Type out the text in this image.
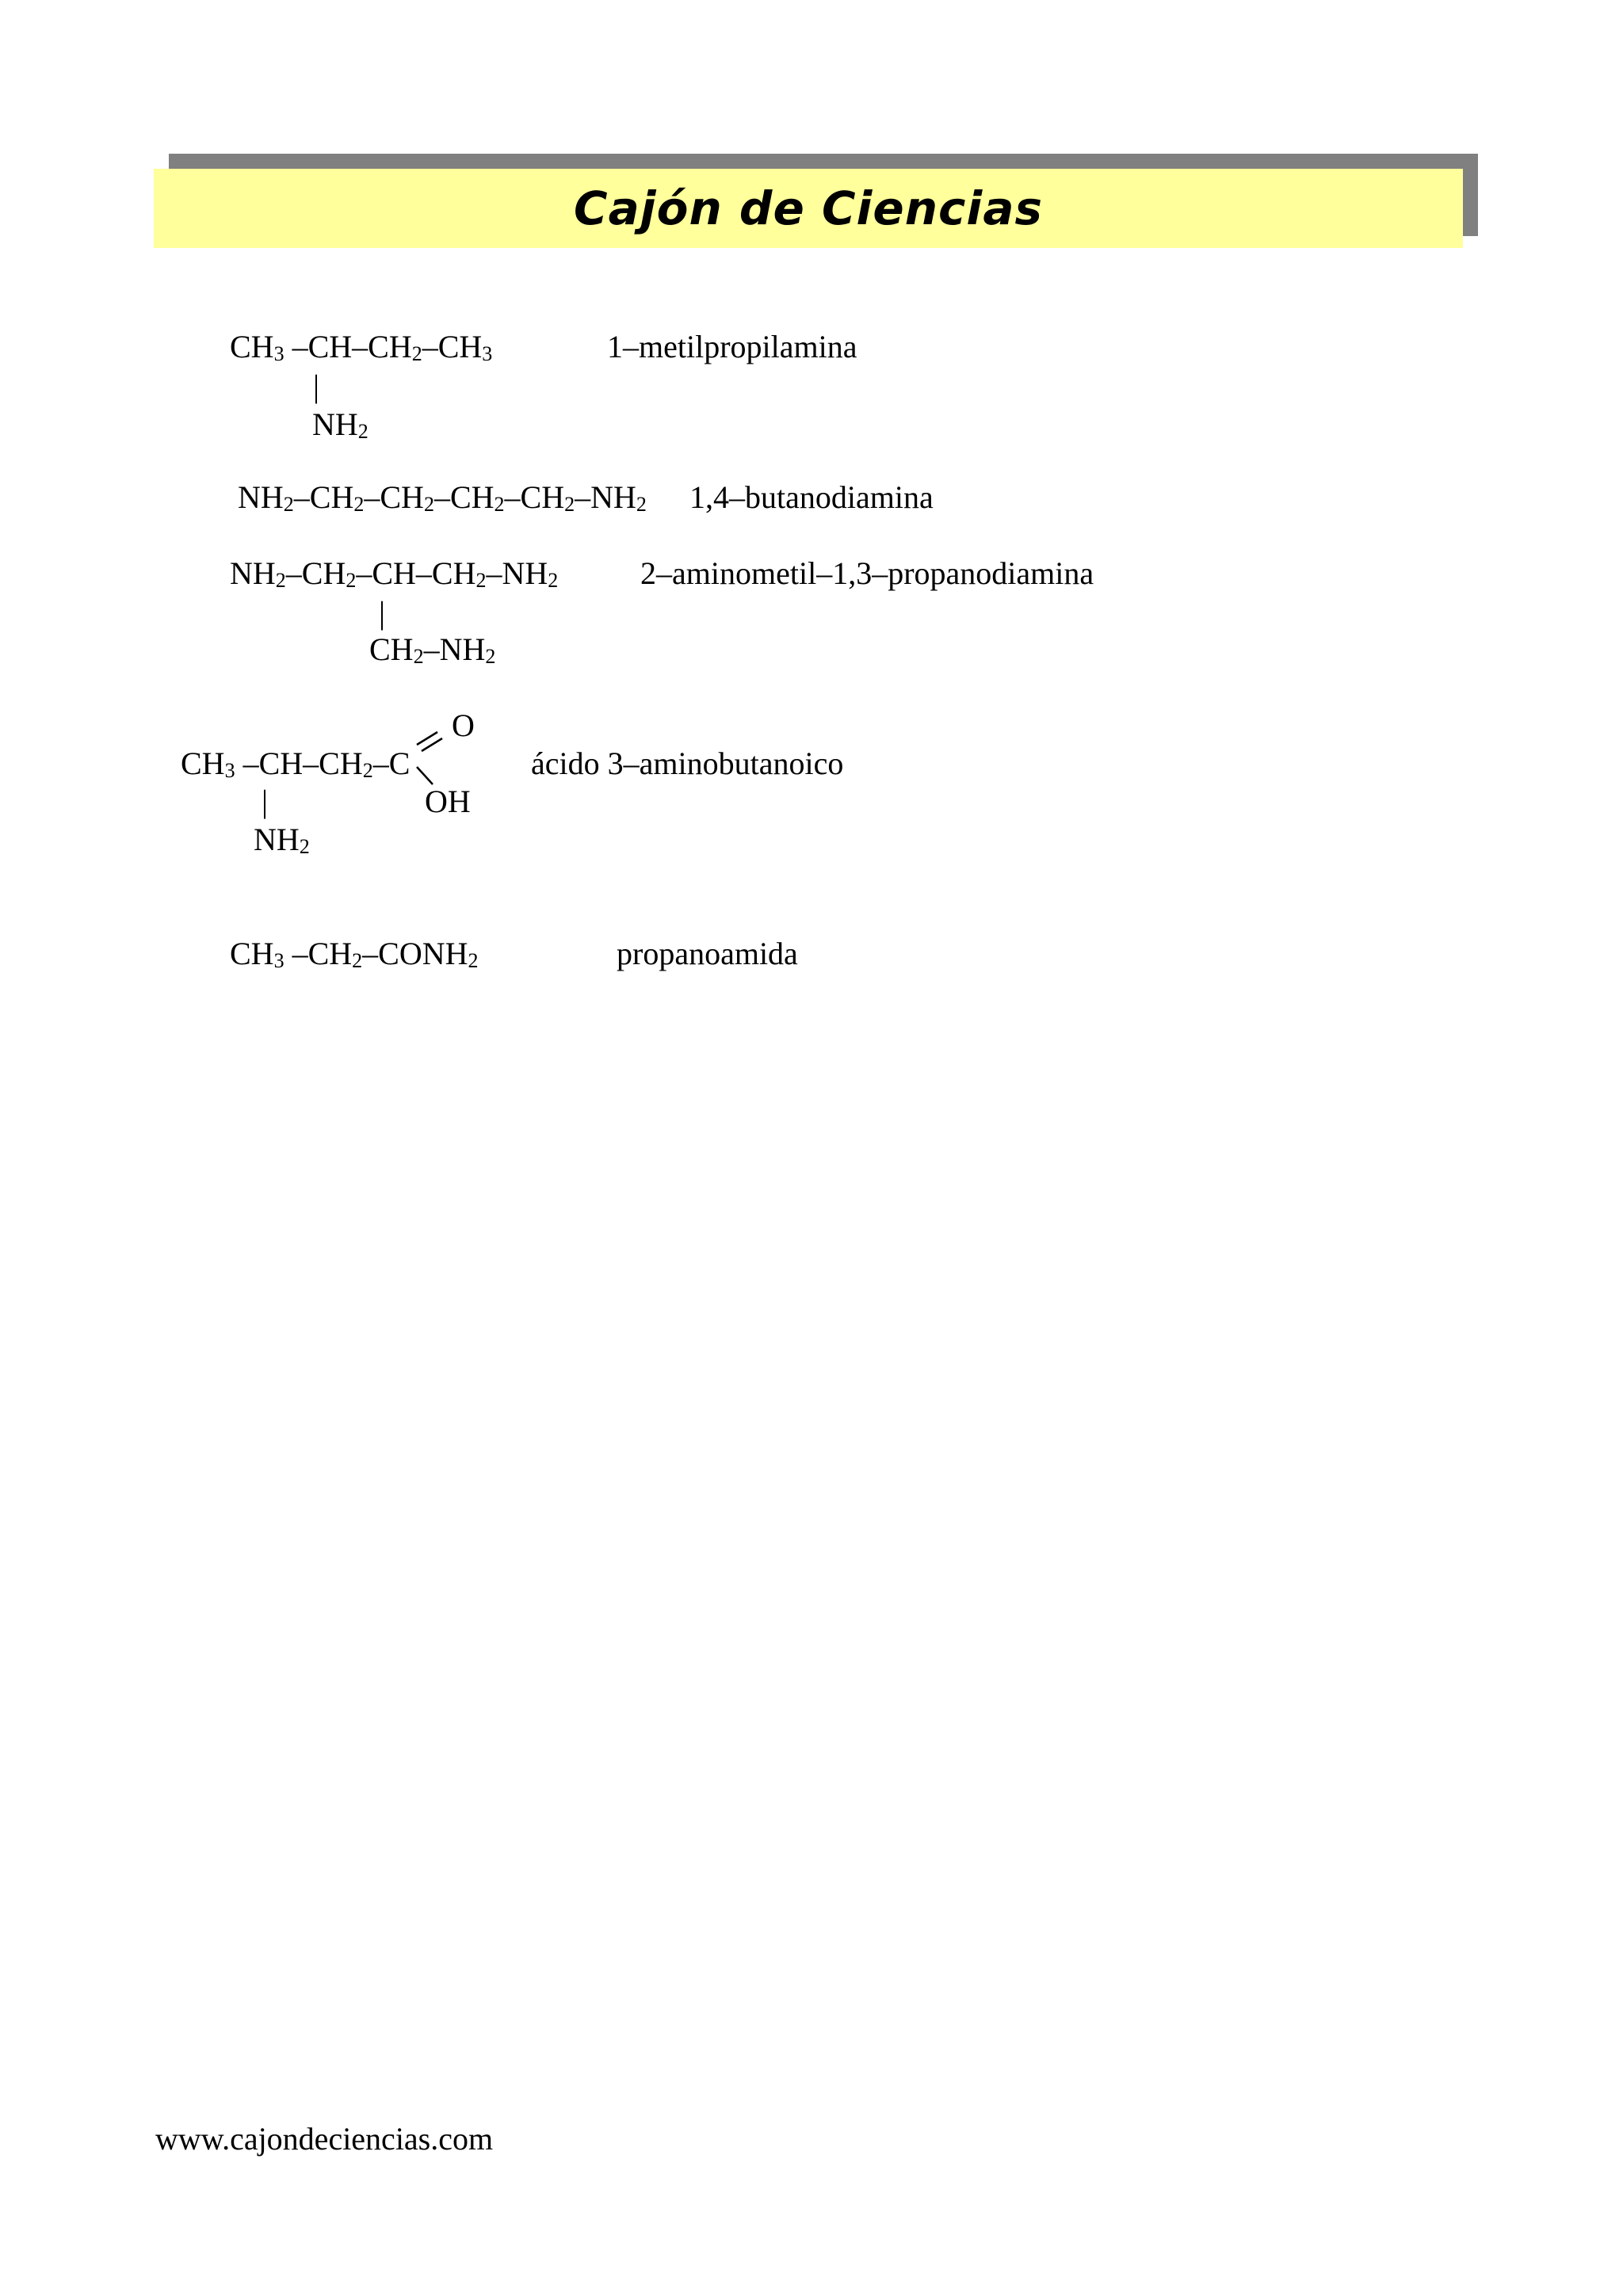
Cajón de Ciencias
$CH_3$ $-CH-CH_2-CH_3$
|
$NH_2$
1–metilpropilamina
$NH_2-CH_2-CH_2-CH_2-CH_2-NH_2$ 1,4–butanodiamina
$NH_2-CH_2-CH-CH_2-NH_2$
|
$CH_2-NH_2$
2–aminometil–1,3–propanodiamina
O
$CH_3$ $-CH-CH_2-C$
OH
|
$NH_2$
ácido 3–aminobutanoico
$CH_3$ $-CH_2-CONH_2$	propanoamida
www.cajondeciencias.com
